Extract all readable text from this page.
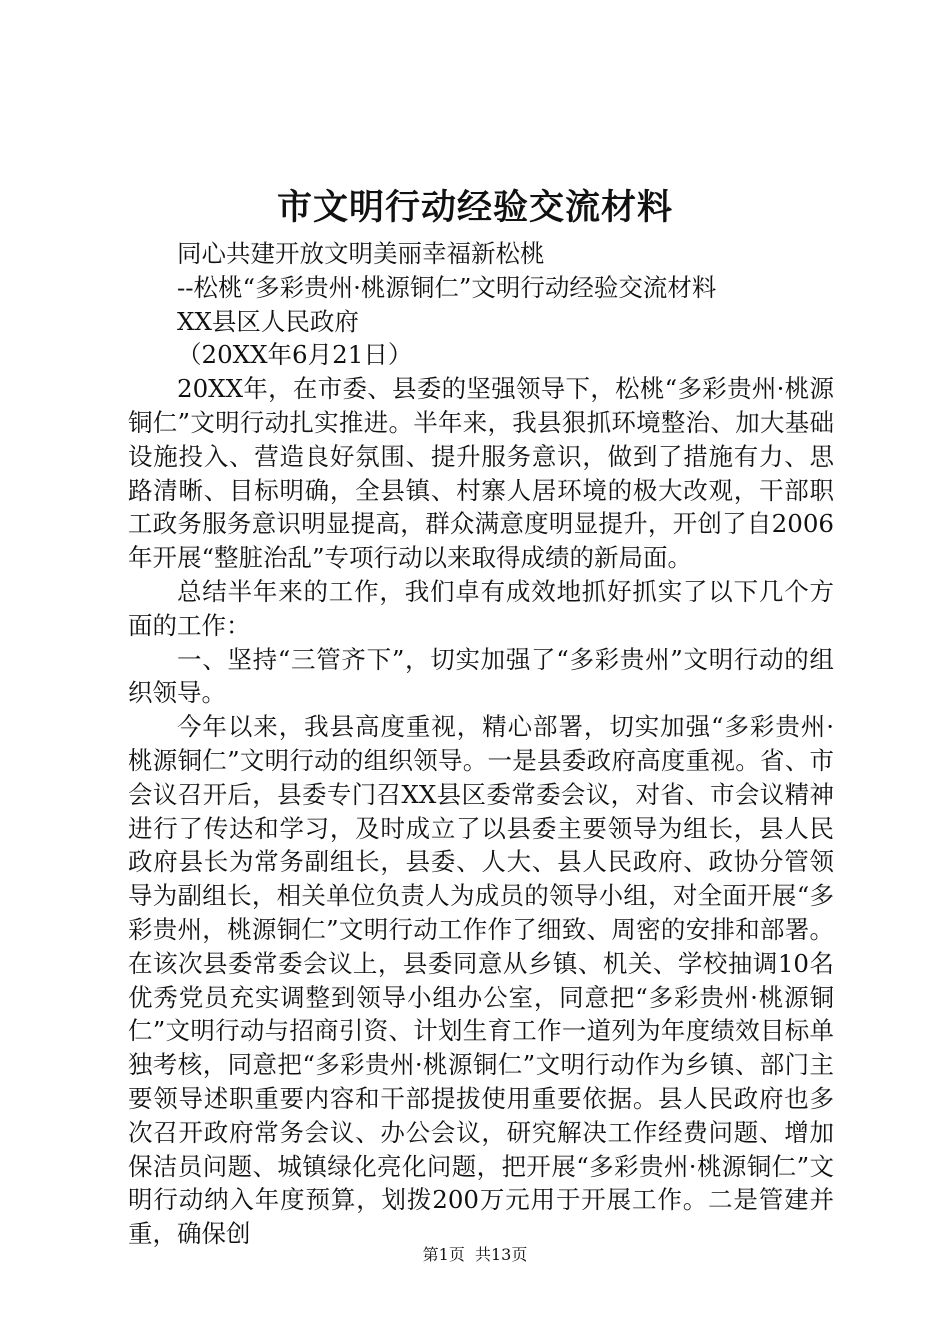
市文明行动经验交流材料

同心共建开放文明美丽幸福新松桃

--松桃“多彩贵州·桃源铜仁”文明行动经验交流材料

XX县区人民政府

（20XX年6月21日）

20XX年，在市委、县委的坚强领导下，松桃“多彩贵州·桃源铜仁”文明行动扎实推进。半年来，我县狠抓环境整治、加大基础设施投入、营造良好氛围、提升服务意识，做到了措施有力、思路清晰、目标明确，全县镇、村寨人居环境的极大改观，干部职工政务服务意识明显提高，群众满意度明显提升，开创了自2006年开展“整脏治乱”专项行动以来取得成绩的新局面。

总结半年来的工作，我们卓有成效地抓好抓实了以下几个方面的工作：

一、坚持“三管齐下”，切实加强了“多彩贵州”文明行动的组织领导。

今年以来，我县高度重视，精心部署，切实加强“多彩贵州·桃源铜仁”文明行动的组织领导。一是县委政府高度重视。省、市会议召开后，县委专门召XX县区委常委会议，对省、市会议精神进行了传达和学习，及时成立了以县委主要领导为组长，县人民政府县长为常务副组长，县委、人大、县人民政府、政协分管领导为副组长，相关单位负责人为成员的领导小组，对全面开展“多彩贵州，桃源铜仁”文明行动工作作了细致、周密的安排和部署。在该次县委常委会议上，县委同意从乡镇、机关、学校抽调10名优秀党员充实调整到领导小组办公室，同意把“多彩贵州·桃源铜仁”文明行动与招商引资、计划生育工作一道列为年度绩效目标单独考核，同意把“多彩贵州·桃源铜仁”文明行动作为乡镇、部门主要领导述职重要内容和干部提拔使用重要依据。县人民政府也多次召开政府常务会议、办公会议，研究解决工作经费问题、增加保洁员问题、城镇绿化亮化问题，把开展“多彩贵州·桃源铜仁”文明行动纳入年度预算，划拨200万元用于开展工作。二是管建并重，确保创

第1页  共13页
